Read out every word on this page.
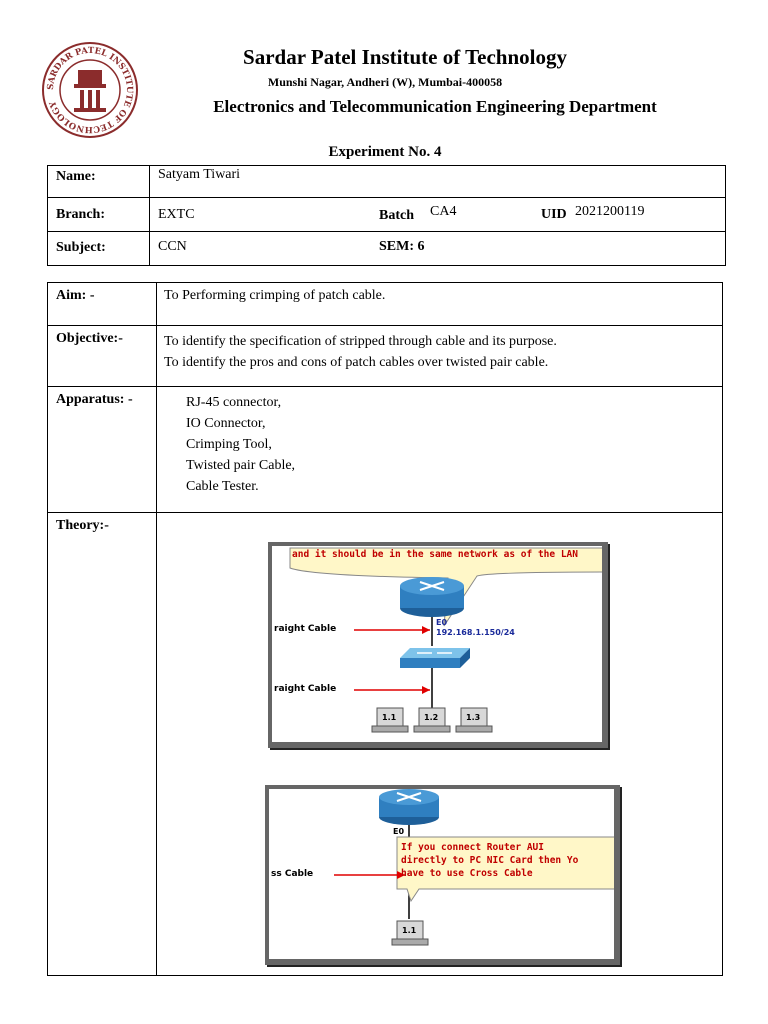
SARDAR PATEL INSTITUTE OF TECHNOLOGY
Sardar Patel Institute of Technology
Munshi Nagar, Andheri (W), Mumbai-400058
Electronics and Telecommunication Engineering Department
Experiment No. 4
Name:	Satyam Tiwari

Branch:	EXTC Batch CA4 UID 2021200119

Subject:	CCN SEM: 6
Aim: -	To Performing crimping of patch cable.
Objective:-	To identify the specification of stripped through cable and its purpose.
To identify the pros and cons of patch cables over twisted pair cable.

Apparatus: -	RJ-45 connector,
IO Connector,
Crimping Tool,
Twisted pair Cable,
Cable Tester.

Theory:-	
and it should be in the same network as of the LAN
E0
192.168.1.150/24
raight Cable
raight Cable
1.1	1.2	1.3
E0
ss Cable
If you connect Router AUI
directly to PC NIC Card then Yo
have to use Cross Cable
1.1
